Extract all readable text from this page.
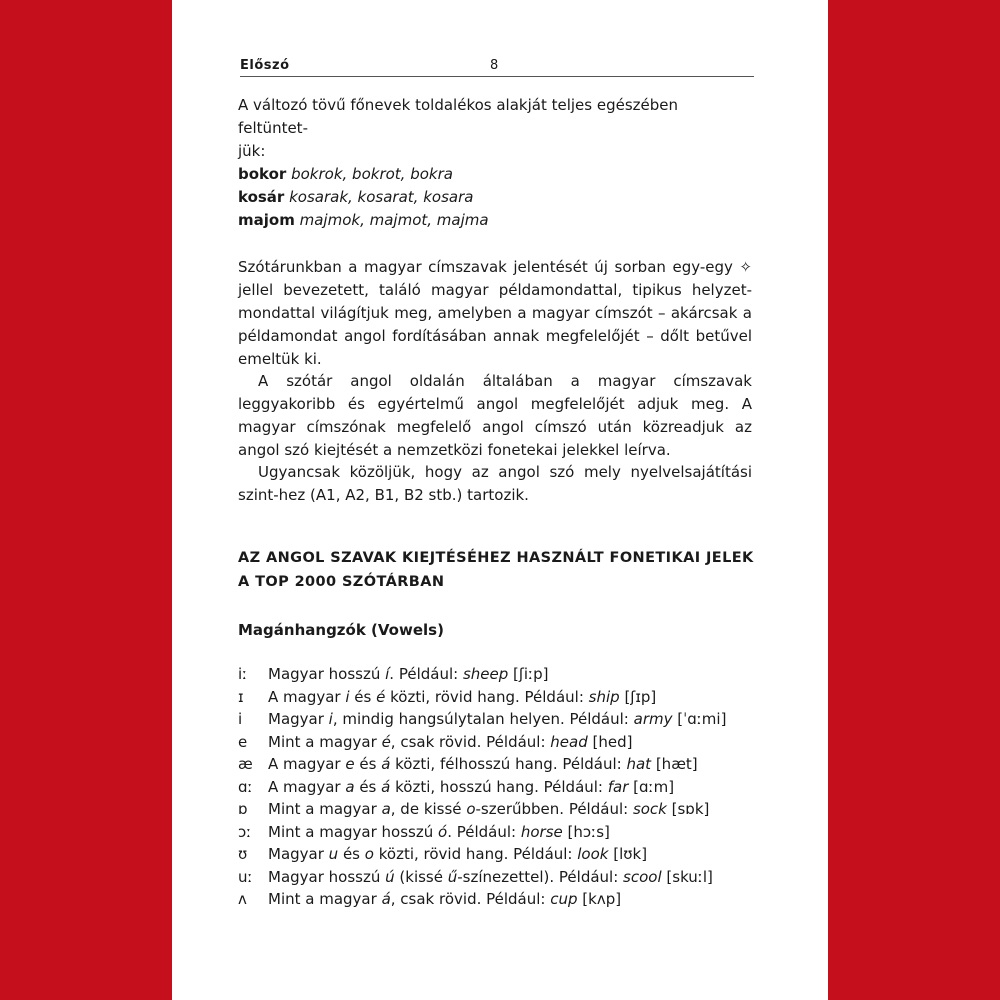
Előszó	8
A változó tövű főnevek toldalékos alakját teljes egészében feltüntet-
jük:
bokor bokrok, bokrot, bokra
kosár kosarak, kosarat, kosara
majom majmok, majmot, majma
Szótárunkban a magyar címszavak jelentését új sorban egy-egy ✧ jellel bevezetett, találó magyar példamondattal, tipikus helyzet-mondattal világítjuk meg, amelyben a magyar címszót – akárcsak a példamondat angol fordításában annak megfelelőjét – dőlt betűvel emeltük ki.
A szótár angol oldalán általában a magyar címszavak leggyakoribb és egyértelmű angol megfelelőjét adjuk meg. A magyar címszónak megfelelő angol címszó után közreadjuk az angol szó kiejtését a nemzetközi fonetekai jelekkel leírva.
Ugyancsak közöljük, hogy az angol szó mely nyelvelsajátítási szint-hez (A1, A2, B1, B2 stb.) tartozik.
AZ ANGOL SZAVAK KIEJTÉSÉHEZ HASZNÁLT FONETIKAI JELEK
A TOP 2000 SZÓTÁRBAN
Magánhangzók (Vowels)
iː Magyar hosszú í. Például: sheep [ʃiːp]
ɪ A magyar i és é közti, rövid hang. Például: ship [ʃɪp]
i Magyar i, mindig hangsúlytalan helyen. Például: army [ˈɑːmi]
e Mint a magyar é, csak rövid. Például: head [hed]
æ A magyar e és á közti, félhosszú hang. Például: hat [hæt]
ɑː A magyar a és á közti, hosszú hang. Például: far [ɑːm]
ɒ Mint a magyar a, de kissé o-szerűbben. Például: sock [sɒk]
ɔː Mint a magyar hosszú ó. Például: horse [hɔːs]
ʊ Magyar u és o közti, rövid hang. Például: look [lʊk]
uː Magyar hosszú ú (kissé ű-színezettel). Például: scool [skuːl]
ʌ Mint a magyar á, csak rövid. Például: cup [kʌp]
